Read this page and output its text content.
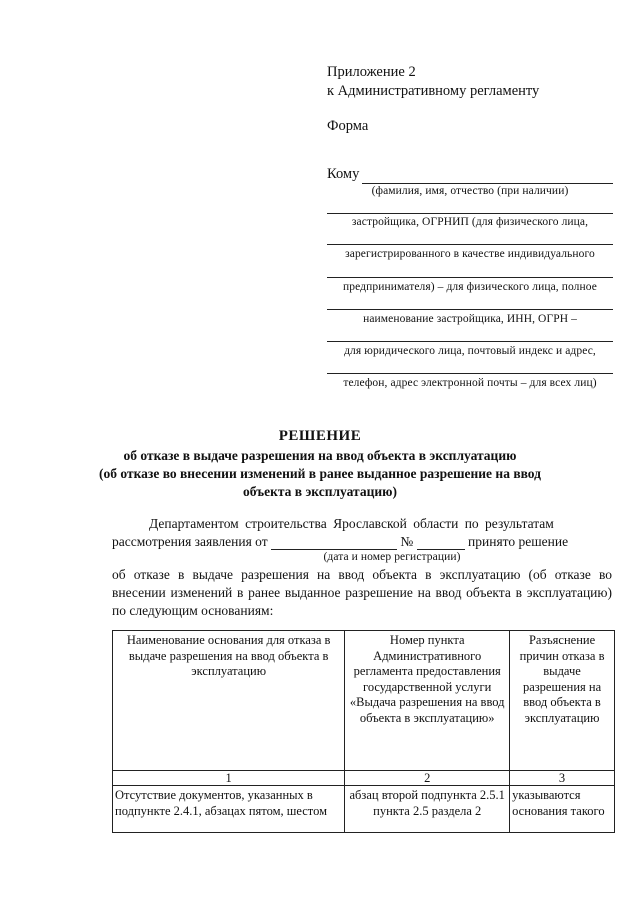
Приложение 2
к Административному регламенту
Форма
Кому
(фамилия, имя, отчество (при наличии)
застройщика, ОГРНИП (для физического лица,
зарегистрированного в качестве индивидуального
предпринимателя) – для физического лица, полное
наименование застройщика, ИНН, ОГРН –
для юридического лица, почтовый индекс и адрес,
телефон, адрес электронной почты – для всех лиц)
РЕШЕНИЕ
об отказе в выдаче разрешения на ввод объекта в эксплуатацию
(об отказе во внесении изменений в ранее выданное разрешение на ввод
объекта в эксплуатацию)
Департаментом строительства Ярославской области по результатам
рассмотрения заявления от	№	принято решение
(дата и номер регистрации)
об отказе в выдаче разрешения на ввод объекта в эксплуатацию (об отказе во внесении изменений в ранее выданное разрешение на ввод объекта в эксплуатацию) по следующим основаниям:
Наименование основания для отказа в выдаче разрешения на ввод объекта в эксплуатацию	Номер пункта Административного регламента предоставления государственной услуги «Выдача разрешения на ввод объекта в эксплуатацию»	Разъяснение причин отказа в выдаче разрешения на ввод объекта в эксплуатацию
1	2	3
Отсутствие документов, указанных в подпункте 2.4.1, абзацах пятом, шестом	абзац второй подпункта 2.5.1 пункта 2.5 раздела 2	указываются основания такого
